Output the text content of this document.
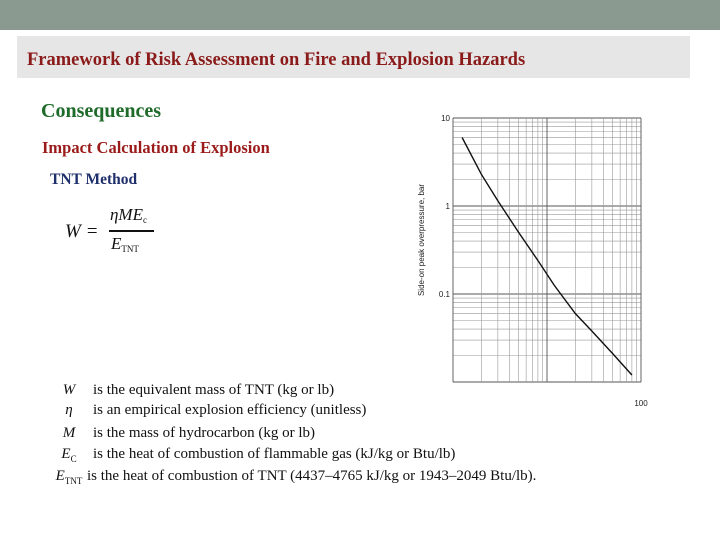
Framework of Risk Assessment on Fire and Explosion Hazards
Consequences
Impact Calculation of Explosion
TNT Method
W =
ηME$_c$
$E_{TNT}$
W is the equivalent mass of TNT (kg or lb)
η is an empirical explosion efficiency (unitless)
M is the mass of hydrocarbon (kg or lb)
$E_C$ is the heat of combustion of flammable gas (kJ/kg or Btu/lb)
$E_{TNT}$ is the heat of combustion of TNT (4437–4765 kJ/kg or 1943–2049 Btu/lb).
10
1
0.1
100
Side-on peak overpressure, bar
